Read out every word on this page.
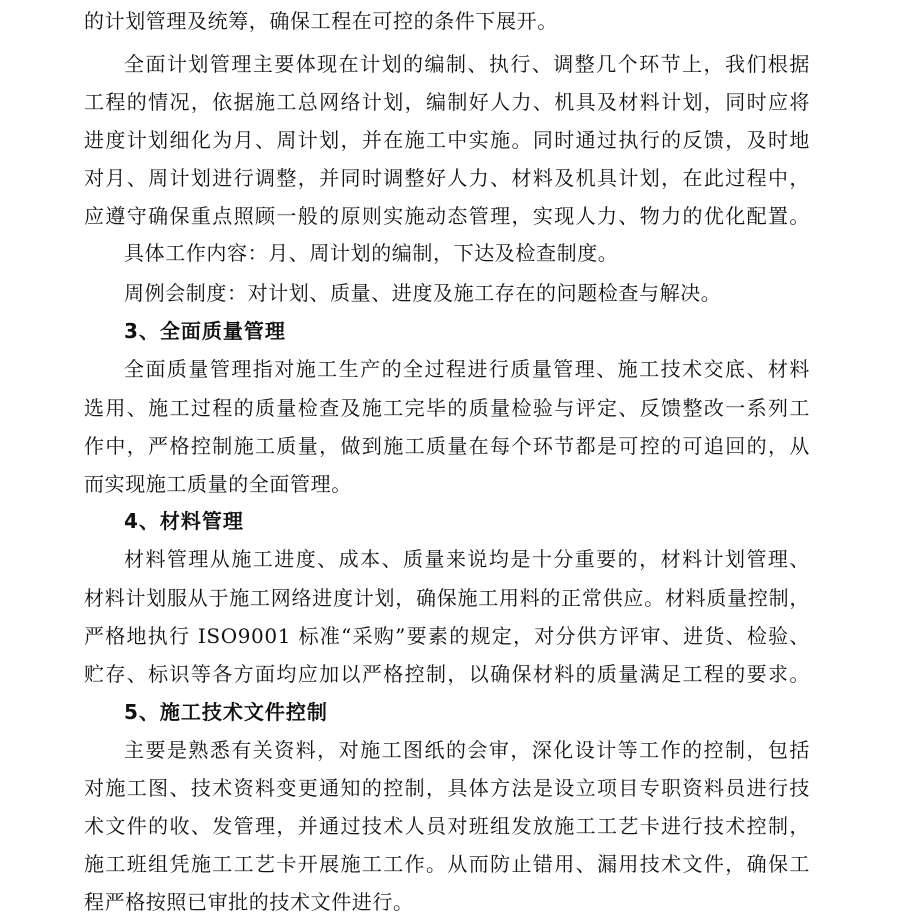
的计划管理及统筹，确保工程在可控的条件下展开。
全面计划管理主要体现在计划的编制、执行、调整几个环节上，我们根据
工程的情况，依据施工总网络计划，编制好人力、机具及材料计划，同时应将
进度计划细化为月、周计划，并在施工中实施。同时通过执行的反馈，及时地
对月、周计划进行调整，并同时调整好人力、材料及机具计划，在此过程中，
应遵守确保重点照顾一般的原则实施动态管理，实现人力、物力的优化配置。
具体工作内容：月、周计划的编制，下达及检查制度。
周例会制度：对计划、质量、进度及施工存在的问题检查与解决。
3、全面质量管理
全面质量管理指对施工生产的全过程进行质量管理、施工技术交底、材料
选用、施工过程的质量检查及施工完毕的质量检验与评定、反馈整改一系列工
作中，严格控制施工质量，做到施工质量在每个环节都是可控的可追回的，从
而实现施工质量的全面管理。
4、材料管理
材料管理从施工进度、成本、质量来说均是十分重要的，材料计划管理、
材料计划服从于施工网络进度计划，确保施工用料的正常供应。材料质量控制，
严格地执行 ISO9001 标准“采购”要素的规定，对分供方评审、进货、检验、
贮存、标识等各方面均应加以严格控制，以确保材料的质量满足工程的要求。
5、施工技术文件控制
主要是熟悉有关资料，对施工图纸的会审，深化设计等工作的控制，包括
对施工图、技术资料变更通知的控制，具体方法是设立项目专职资料员进行技
术文件的收、发管理，并通过技术人员对班组发放施工工艺卡进行技术控制，
施工班组凭施工工艺卡开展施工工作。从而防止错用、漏用技术文件，确保工
程严格按照已审批的技术文件进行。
